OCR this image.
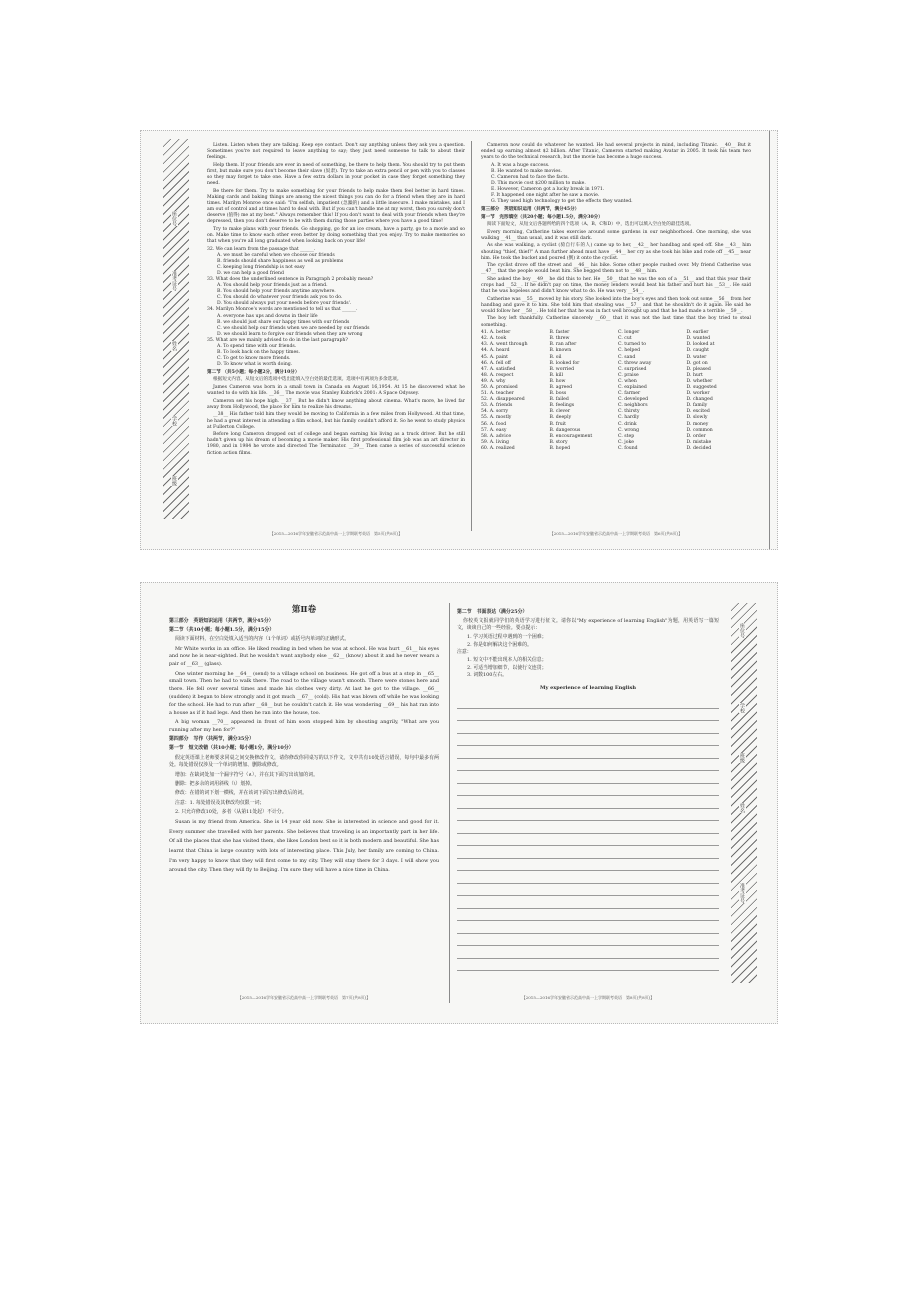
座位号
准考证号
姓名
学校
班级

Listen. Listen when they are talking. Keep eye contact. Don't say anything unless they ask you a question. Sometimes you're not required to leave anything to say; they just need someone to talk to about their feelings.

Help them. If your friends are ever in need of something, be there to help them. You should try to put them first, but make sure you don't become their slave (奴隶). Try to take an extra pencil or pen with you to classes so they may forget to take one. Have a few extra dollars in your pocket in case they forget something they need.

Be there for them. Try to make something for your friends to help make them feel better in hard times. Making cards and baking things are among the nicest things you can do for a friend when they are in hard times. Marilyn Monroe once said: "I'm selfish, impatient (急躁的) and a little insecure. I make mistakes, and I am out of control and at times hard to deal with. But if you can't handle me at my worst, then you surely don't deserve (值得) me at my best." Always remember this! If you don't want to deal with your friends when they're depressed, then you don't deserve to be with them during those parties where you have a good time!

Try to make plans with your friends. Go shopping, go for an ice cream, have a party, go to a movie and so on. Make time to know each other even better by doing something that you enjoy. Try to make memories so that when you're all long graduated when looking back on your life!

32. We can learn from the passage that ______.
A. we must be careful when we choose our friends
B. friends should share happiness as well as problems
C. keeping long friendship is not easy
D. we can help a good friend
33. What does the underlined sentence in Paragraph 2 probably mean?
A. You should help your friends just as a friend.
B. You should help your friends anytime anywhere.
C. You should do whatever your friends ask you to do.
D. You should always put your needs before your friends'.
34. Marilyn Monroe's words are mentioned to tell us that ______.
A. everyone has ups and downs in their life
B. we should just share our happy times with our friends
C. we should help our friends when we are needed by our friends
D. we should learn to forgive our friends when they are wrong
35. What are we mainly advised to do in the last paragraph?
A. To spend time with our friends.
B. To look back on the happy times.
C. To get to know more friends.
D. To know what is worth doing.
第二节 （共5小题；每小题2分，满分10分）

根据短文内容，从短文后的选项中选出能填入空白处的最佳选项。选项中有两项为多余选项。

James Cameron was born in a small town in Canada on August 16,1954. At 15 he discovered what he wanted to do with his life. __36__ The movie was Stanley Kubrick's 2001: A Space Odyssey.

Cameron set his hope high. __37__ But he didn't know anything about cinema. What's more, he lived far away from Hollywood, the place for him to realize his dreams.

__38__ His father told him they would be moving to California in a few miles from Hollywood. At that time, he had a great interest in attending a film school, but his family couldn't afford it. So he went to study physics at Fullerton College.

Before long Cameron dropped out of college and began earning his living as a truck driver. But he still hadn't given up his dream of becoming a movie maker. His first professional film job was an art director in 1980, and in 1984 he wrote and directed The Terminator. __39__ Then came a series of successful science fiction action films.

【2015—2016学年安徽省示范高中高一上学期联考英语　第5页(共8页)】

Cameron now could do whatever he wanted. He had several projects in mind, including Titanic. __40__ But it ended up earning almost $2 billion. After Titanic, Cameron started making Avatar in 2005. It took his team two years to do the technical research, but the movie has become a huge success.

A. It was a huge success.
B. He wanted to make movies.
C. Cameron had to face the facts.
D. This movie cost $200 million to make.
E. However, Cameron got a lucky break in 1971.
F. It happened one night after he saw a movie.
G. They used high technology to get the effects they wanted.
第三部分　英语知识运用（共两节，满分45分）
第一节　完形填空（共20小题；每小题1.5分，满分30分）

阅读下面短文，从短文后各题所给的四个选项（A、B、C和D）中，选出可以填入空白处的最佳选项。

Every morning, Catherine takes exercise around some gardens in our neighborhood. One morning, she was walking __41__ than usual, and it was still dark.

As she was walking, a cyclist (骑自行车的人) came up to her, __42__ her handbag and sped off. She __43__ him shouting "thief, thief!" A man further ahead must have __44__ her cry as she took his bike and rode off __45__ near him. He took the bucket and poured (倒) it onto the cyclist.

The cyclist drove off the street and __46__ his bike. Some other people rushed over. My friend Catherine was __47__ that the people would beat him. She begged them not to __48__ him.

She asked the boy __49__ he did this to her. He __50__ that he was the son of a __51__ and that this year their crops had __52__. If he didn't pay on time, the money lenders would beat his father and hurt his __53__. He said that he was hopeless and didn't know what to do. He was very __54__.

Catherine was __55__ moved by his story. She looked into the boy's eyes and then took out some __56__ from her handbag and gave it to him. She told him that stealing was __57__ and that he shouldn't do it again. He said he would follow her __58__. He told her that he was in fact well brought up and that he had made a terrible __59__.

The boy left thankfully. Catherine sincerely __60__ that it was not the last time that the boy tried to steal something.

41. A. better	B. faster	C. longer	D. earlier
42. A. took	B. threw	C. cut	D. wanted
43. A. went through	B. ran after	C. turned to	D. looked at
44. A. heard	B. known	C. helped	D. caught
45. A. paint	B. oil	C. sand	D. water
46. A. fell off	B. looked for	C. threw away	D. got on
47. A. satisfied	B. worried	C. surprised	D. pleased
48. A. respect	B. kill	C. praise	D. hurt
49. A. why	B. how	C. when	D. whether
50. A. promised	B. agreed	C. explained	D. suggested
51. A. teacher	B. boss	C. farmer	D. worker
52. A. disappeared	B. failed	C. developed	D. changed
53. A. friends	B. feelings	C. neighbors	D. family
54. A. sorry	B. clever	C. thirsty	D. excited
55. A. mostly	B. deeply	C. hardly	D. slowly
56. A. food	B. fruit	C. drink	D. money
57. A. easy	B. dangerous	C. wrong	D. common
58. A. advice	B. encouragement	C. step	D. order
59. A. living	B. story	C. joke	D. mistake
60. A. realized	B. hoped	C. found	D. decided
【2015—2016学年安徽省示范高中高一上学期联考英语　第6页(共8页)】
第Ⅱ卷
第三部分　英语知识运用（共两节，满分45分）
第二节（共10小题；每小题1.5分，满分15分）

阅读下面材料，在空白处填入适当的内容（1个单词）或括号内单词的正确形式。

Mr White works in an office. He liked reading in bed when he was at school. He was hurt __61__ his eyes and now he is near-sighted. But he wouldn't want anybody else __62__ (know) about it and he never wears a pair of __63__ (glass).

One winter morning he __64__ (send) to a village school on business. He got off a bus at a stop in __65__ small town. Then he had to walk there. The road to the village wasn't smooth. There were stones here and there. He fell over several times and made his clothes very dirty. At last he got to the village. __66__ (sudden) it began to blow strongly and it got much __67__ (cold). His hat was blown off while he was looking for the school. He had to run after __68__ but he couldn't catch it. He was wondering __69__ his hat ran into a house as if it had legs. And then he ran into the house, too.

A big woman __70__ appeared in front of him soon stopped him by shouting angrily, "What are you running after my hen for?"

第四部分　写作（共两节，满分35分）
第一节　短文改错（共10小题；每小题1分，满分10分）

假定英语课上老师要求同桌之间交换修改作文，请你修改你同桌写的以下作文。文中共有10处语言错误，每句中最多有两处。每处错误仅涉及一个单词的增加、删除或修改。

增加：在缺词处加一个漏字符号（∧），并在其下面写出该加的词。

删除：把多余的词用斜线（\）划掉。

修改：在错的词下划一横线，并在该词下面写出修改后的词。

注意：1. 每处错误及其修改均仅限一词；

2. 只允许修改10处，多者（从第11处起）不计分。

Susan is my friend from America. She is 14 year old now. She is interested in science and good for it. Every summer she travelled with her parents. She believes that traveling is an importantly part in her life. Of all the places that she has visited them, she likes London best so it is both modern and beautiful. She has learnt that China is large country with lots of interesting place. This July, her family are coming to China. I'm very happy to know that they will first come to my city. They will stay there for 3 days. I will show you around the city. Then they will fly to Beijing. I'm sure they will have a nice time in China.

【2015—2016学年安徽省示范高中高一上学期联考英语　第7页(共8页)】
第二节　书面表达（满分25分）

你校英文报就同学们的英语学习进行征文。请你以"My experience of learning English"为题，用英语写一篇短文，谈谈自己的一些经验。要点提示：

1. 学习英语过程中遇到的一个困难；
2. 你是如何解决这个困难的。
注意：
1. 短文中不能出现本人的相关信息；
2. 可适当增加细节，以使行文连贯；
3. 词数100左右。
My experience of learning English
【2015—2016学年安徽省示范高中高一上学期联考英语　第8页(共8页)】
座位号
学校
班级
姓名
准考证号
